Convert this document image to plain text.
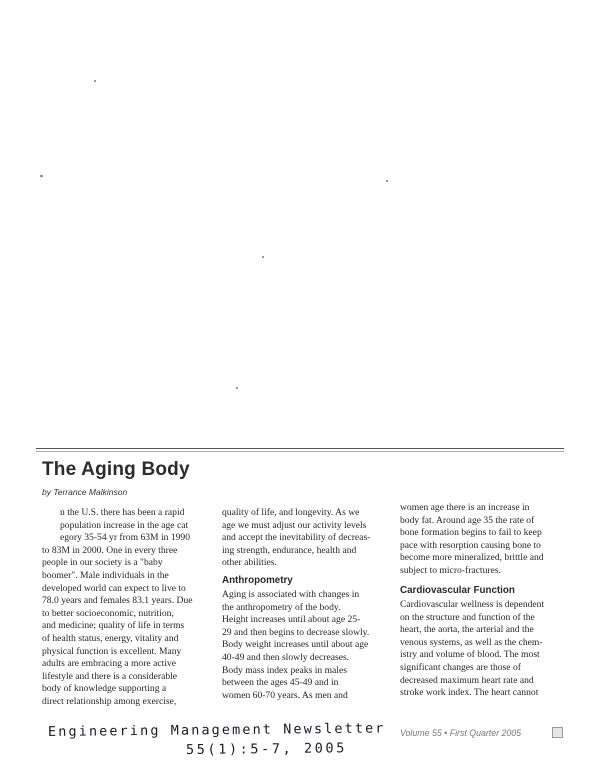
The Aging Body
by Terrance Malkinson
n the U.S. there has been a rapid
population increase in the age cat
egory 35-54 yr from 63M in 1990
to 83M in 2000. One in every three
people in our society is a "baby
boomer". Male individuals in the
developed world can expect to live to
78.0 years and females 83.1 years. Due
to better socioeconomic, nutrition,
and medicine; quality of life in terms
of health status, energy, vitality and
physical function is excellent. Many
adults are embracing a more active
lifestyle and there is a considerable
body of knowledge supporting a
direct relationship among exercise,
quality of life, and longevity. As we
age we must adjust our activity levels
and accept the inevitability of decreas-
ing strength, endurance, health and
other abilities.
Anthropometry
Aging is associated with changes in
the anthropometry of the body.
Height increases until about age 25-
29 and then begins to decrease slowly.
Body weight increases until about age
40-49 and then slowly decreases.
Body mass index peaks in males
between the ages 45-49 and in
women 60-70 years. As men and
women age there is an increase in
body fat. Around age 35 the rate of
bone formation begins to fail to keep
pace with resorption causing bone to
become more mineralized, brittle and
subject to micro-fractures.
Cardiovascular Function
Cardiovascular wellness is dependent
on the structure and function of the
heart, the aorta, the arterial and the
venous systems, as well as the chem-
istry and volume of blood. The most
significant changes are those of
decreased maximum heart rate and
stroke work index. The heart cannot
Engineering Management Newsletter
55(1):5-7, 2005
Volume 55 • First Quarter 2005
